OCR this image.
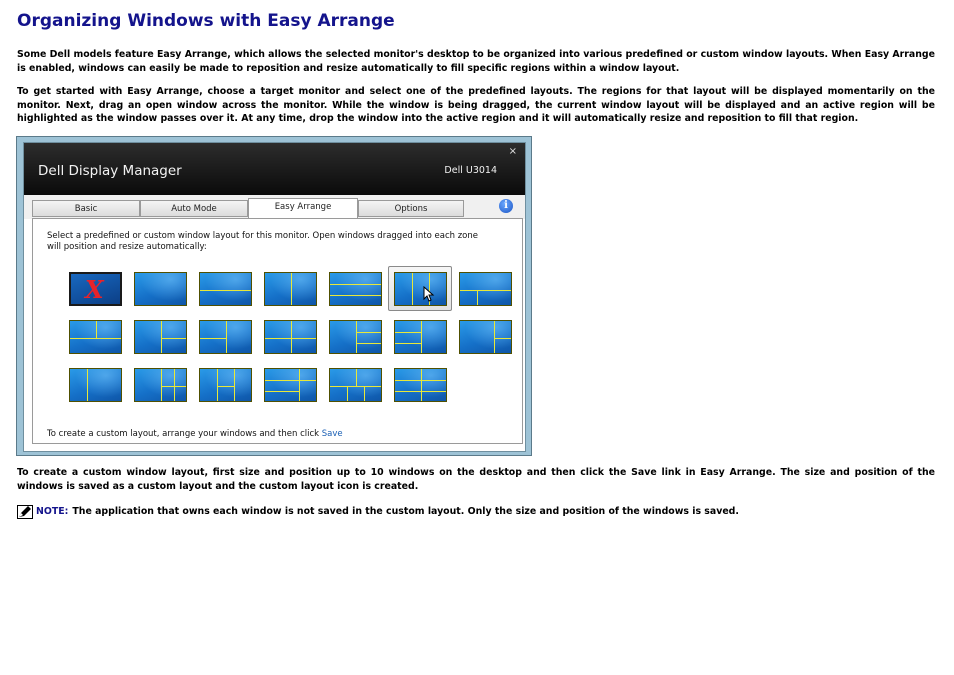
Organizing Windows with Easy Arrange

Some Dell models feature Easy Arrange, which allows the selected monitor's desktop to be organized into various predefined or custom window layouts. When Easy Arrange is enabled, windows can easily be made to reposition and resize automatically to fill specific regions within a window layout.

To get started with Easy Arrange, choose a target monitor and select one of the predefined layouts. The regions for that layout will be displayed momentarily on the monitor. Next, drag an open window across the monitor. While the window is being dragged, the current window layout will be displayed and an active region will be highlighted as the window passes over it. At any time, drop the window into the active region and it will automatically resize and reposition to fill that region.

Dell Display Manager	Dell U3014
×
Basic	Auto Mode	Easy Arrange	Options	i
Select a predefined or custom window layout for this monitor. Open windows dragged into each zone will position and resize automatically:
X
To create a custom layout, arrange your windows and then click Save

To create a custom window layout, first size and position up to 10 windows on the desktop and then click the Save link in Easy Arrange. The size and position of the windows is saved as a custom layout and the custom layout icon is created.

NOTE: The application that owns each window is not saved in the custom layout. Only the size and position of the windows is saved.
